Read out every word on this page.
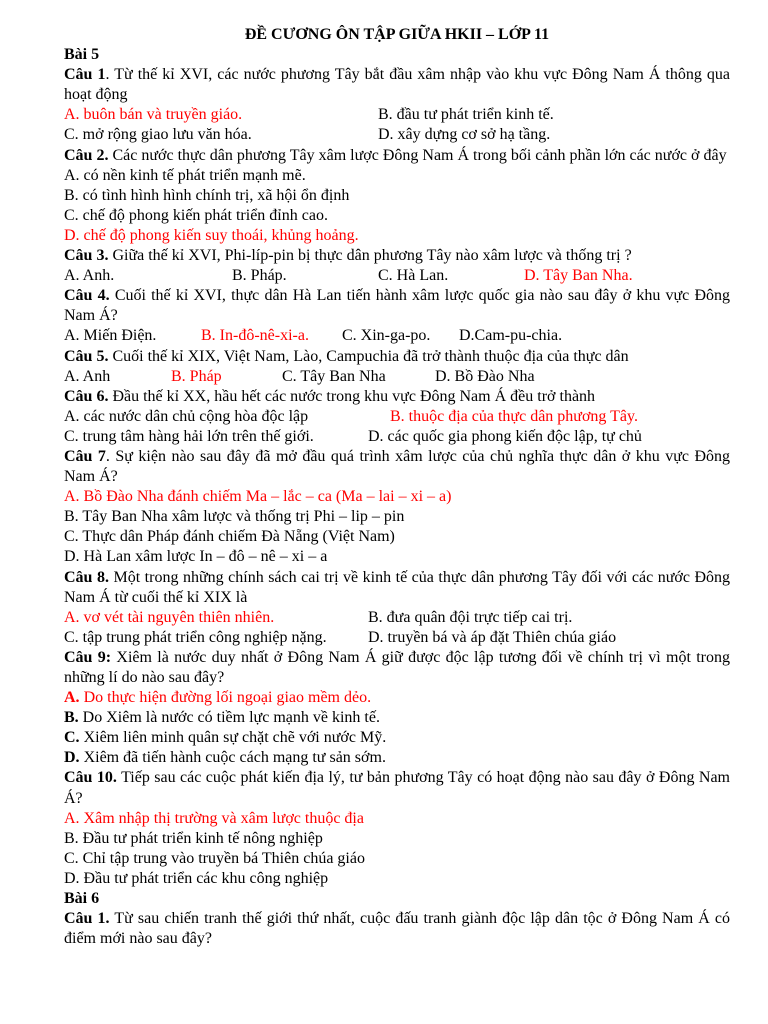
ĐỀ CƯƠNG ÔN TẬP GIỮA HKII – LỚP 11
Bài 5

Câu 1. Từ thế kỉ XVI, các nước phương Tây bắt đầu xâm nhập vào khu vực Đông Nam Á thông qua hoạt động

A. buôn bán và truyền giáo.	B. đầu tư phát triển kinh tế.
C. mở rộng giao lưu văn hóa.	D. xây dựng cơ sở hạ tầng.

Câu 2. Các nước thực dân phương Tây xâm lược Đông Nam Á trong bối cảnh phần lớn các nước ở đây

A. có nền kinh tế phát triển mạnh mẽ.
B. có tình hình hình chính trị, xã hội ổn định
C. chế độ phong kiến phát triển đỉnh cao.
D. chế độ phong kiến suy thoái, khủng hoảng.

Câu 3. Giữa thế kỉ XVI, Phi-líp-pin bị thực dân phương Tây nào xâm lược và thống trị ?

A. Anh.	B. Pháp.	C. Hà Lan.	D. Tây Ban Nha.

Câu 4. Cuối thế kỉ XVI, thực dân Hà Lan tiến hành xâm lược quốc gia nào sau đây ở khu vực Đông Nam Á?

A. Miến Điện.	B. In-đô-nê-xi-a. C. Xin-ga-po. D.Cam-pu-chia.

Câu 5. Cuối thế kỉ XIX, Việt Nam, Lào, Campuchia đã trở thành thuộc địa của thực dân

A. Anh	B. Pháp	C. Tây Ban Nha	D. Bồ Đào Nha

Câu 6. Đầu thế kỉ XX, hầu hết các nước trong khu vực Đông Nam Á đều trở thành

A. các nước dân chủ cộng hòa độc lập	B. thuộc địa của thực dân phương Tây.
C. trung tâm hàng hải lớn trên thế giới.	D. các quốc gia phong kiến độc lập, tự chủ

Câu 7. Sự kiện nào sau đây đã mở đầu quá trình xâm lược của chủ nghĩa thực dân ở khu vực Đông Nam Á?

A. Bồ Đào Nha đánh chiếm Ma – lắc – ca (Ma – lai – xi – a)
B. Tây Ban Nha xâm lược và thống trị Phi – lip – pin
C. Thực dân Pháp đánh chiếm Đà Nẵng (Việt Nam)
D. Hà Lan xâm lược In – đô – nê – xi – a

Câu 8. Một trong những chính sách cai trị về kinh tế của thực dân phương Tây đối với các nước Đông Nam Á từ cuối thế kỉ XIX là

A. vơ vét tài nguyên thiên nhiên.	B. đưa quân đội trực tiếp cai trị.
C. tập trung phát triển công nghiệp nặng.	D. truyền bá và áp đặt Thiên chúa giáo

Câu 9: Xiêm là nước duy nhất ở Đông Nam Á giữ được độc lập tương đối về chính trị vì một trong những lí do nào sau đây?

A. Do thực hiện đường lối ngoại giao mềm dẻo.
B. Do Xiêm là nước có tiềm lực mạnh về kinh tế.
C. Xiêm liên minh quân sự chặt chẽ với nước Mỹ.
D. Xiêm đã tiến hành cuộc cách mạng tư sản sớm.

Câu 10. Tiếp sau các cuộc phát kiến địa lý, tư bản phương Tây có hoạt động nào sau đây ở Đông Nam Á?

A. Xâm nhập thị trường và xâm lược thuộc địa
B. Đầu tư phát triển kinh tế nông nghiệp
C. Chỉ tập trung vào truyền bá Thiên chúa giáo
D. Đầu tư phát triển các khu công nghiệp
Bài 6

Câu 1. Từ sau chiến tranh thế giới thứ nhất, cuộc đấu tranh giành độc lập dân tộc ở Đông Nam Á có điểm mới nào sau đây?
